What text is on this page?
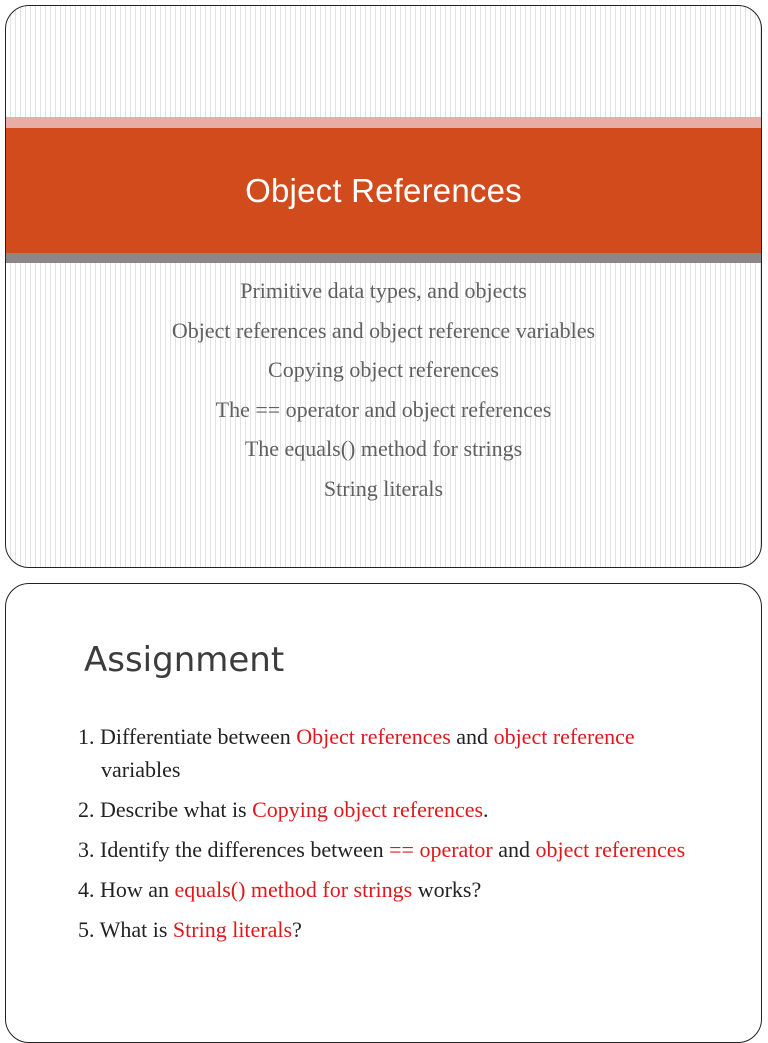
Object References
Primitive data types, and objects
Object references and object reference variables
Copying object references
The == operator and object references
The equals() method for strings
String literals
Assignment
1. Differentiate between Object references and object reference variables
2. Describe what is Copying object references.
3. Identify the differences between == operator and object references
4. How an equals() method for strings works?
5. What is String literals?
